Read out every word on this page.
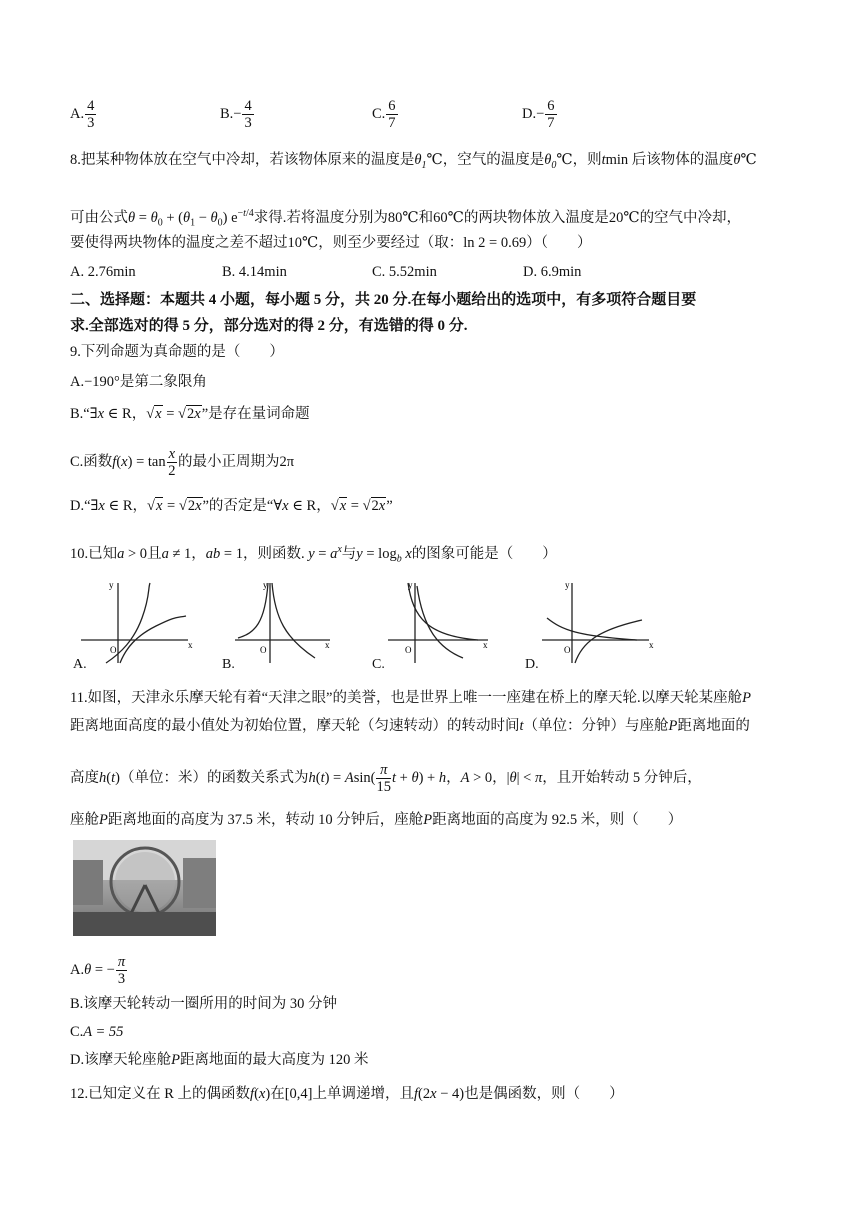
A. $\frac{4}{3}$	$B.- \frac{4}{3}$	C. $\frac{6}{7}$	$D.- \frac{6}{7}$
8.把某种物体放在空气中冷却，若该物体原来的温度是$\theta_1℃$，空气的温度是$\theta_0℃$，则tmin 后该物体的温度θ℃
可由公式$\theta = \theta_0 + (\theta_1 - \theta_0)$ $e^{-t/4}$求得.若将温度分别为80℃和60℃的两块物体放入温度是20℃的空气中冷却，
要使得两块物体的温度之差不超过10℃，则至少要经过（取：ln 2 = 0.69）（　　）
A. 2.76min	B. 4.14min	C. 5.52min	D. 6.9min
二、选择题：本题共 4 小题，每小题 5 分，共 20 分.在每小题给出的选项中，有多项符合题目要
求.全部选对的得 5 分，部分选对的得 2 分，有选错的得 0 分.
9.下列命题为真命题的是（　　）
A.−190°是第二象限角
B.“∃x ∈ R，√x = √2x”是存在量词命题
C.函数$f(x) = \tan \frac{x}{2}$ 的最小正周期为2π
D.“∃x ∈ R，√x = √2x”的否定是“∀x ∈ R，√x = √2x”
10.已知a > 0且a ≠ 1，ab = 1，则函数. $y = a^x$与$y = \log_b x$的图象可能是（　　）
y
x
O
y
x
O
y
x
O
y
x
O
A.	B.	C.	D.
11.如图，天津永乐摩天轮有着“天津之眼”的美誉，也是世界上唯一一座建在桥上的摩天轮.以摩天轮某座舱P
距离地面高度的最小值处为初始位置，摩天轮（匀速转动）的转动时间t（单位：分钟）与座舱P距离地面的
高度h(t)（单位：米）的函数关系式为$h(t) = Asin( \frac{\pi}{15}$ t + θ) + h，A > 0，|θ| < π，且开始转动 5 分钟后，
座舱P距离地面的高度为 37.5 米，转动 10 分钟后，座舱P距离地面的高度为 92.5 米，则（　　）
A.θ = − $\frac{\pi}{3}$
B.该摩天轮转动一圈所用的时间为 30 分钟
C.A = 55
D.该摩天轮座舱P距离地面的最大高度为 120 米
12.已知定义在 R 上的偶函数f(x)在[0,4]上单调递增，且f(2x − 4)也是偶函数，则（　　）
